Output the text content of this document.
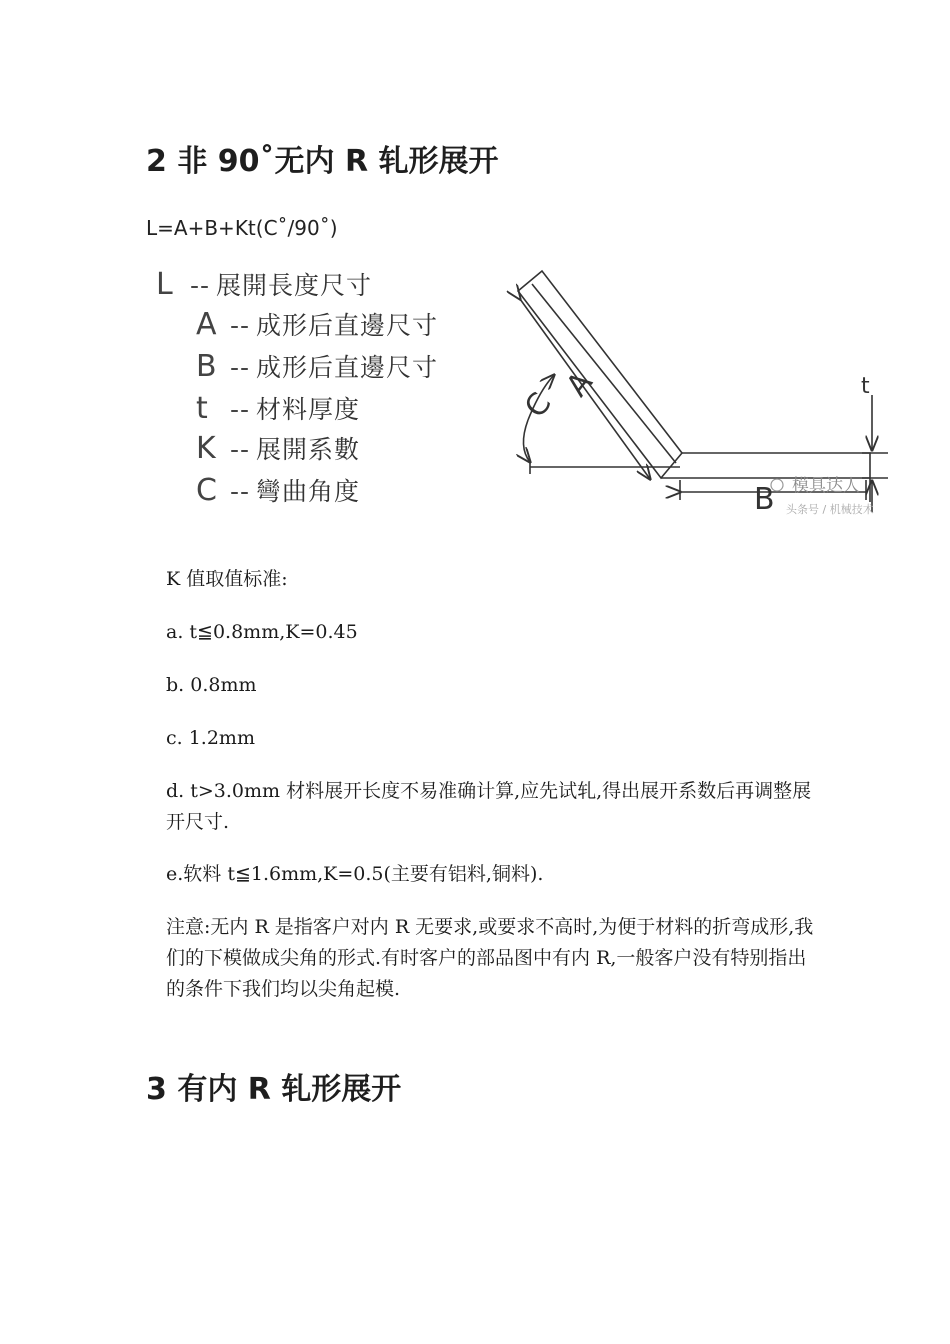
2 非 90˚无内 R 轧形展开
L=A+B+Kt(C˚/90˚)
L -- 展開長度尺寸
A -- 成形后直邊尺寸
B -- 成形后直邊尺寸
t -- 材料厚度
K -- 展開系數
C -- 彎曲角度
C
A
B
t
模具达人
头条号 / 机械技术
K 值取值标准:
a. t≦0.8mm,K=0.45
b. 0.8mm
c. 1.2mm
d. t>3.0mm 材料展开长度不易准确计算,应先试轧,得出展开系数后再调整展开尺寸.
e.软料 t≦1.6mm,K=0.5(主要有铝料,铜料).
注意:无内 R 是指客户对内 R 无要求,或要求不高时,为便于材料的折弯成形,我们的下模做成尖角的形式.有时客户的部品图中有内 R,一般客户没有特别指出的条件下我们均以尖角起模.
3 有内 R 轧形展开
